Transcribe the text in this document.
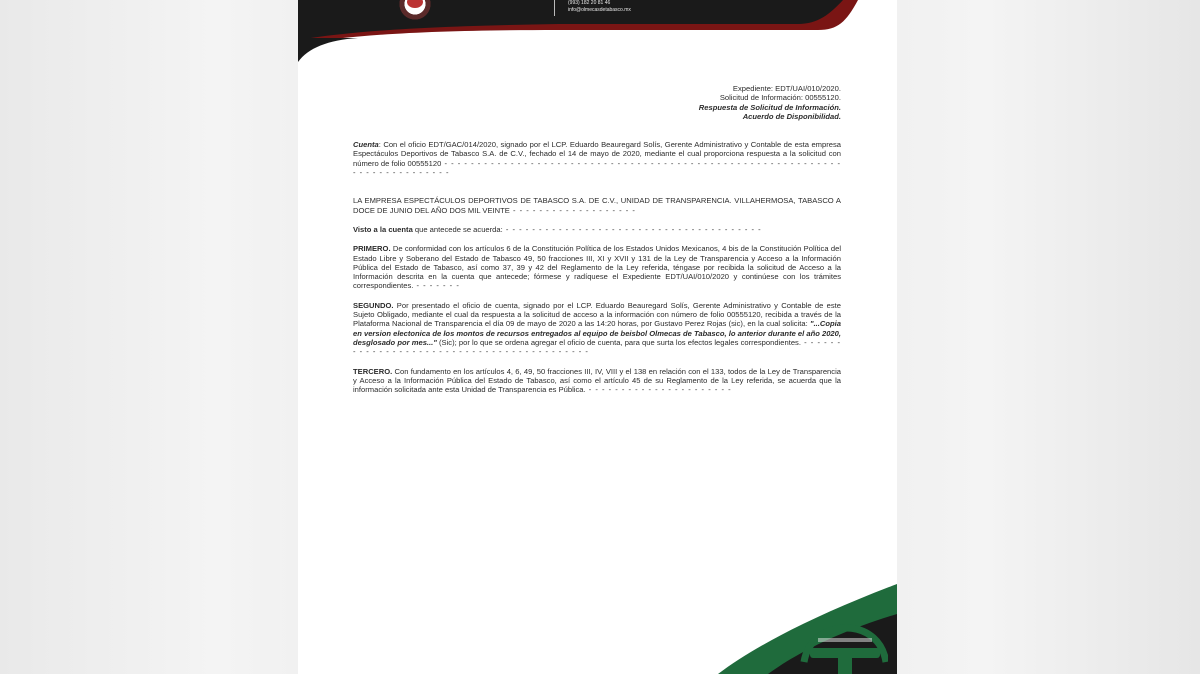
(993) 182 20 81 46
info@olmecasdetabasco.mx
Expediente: EDT/UAI/010/2020.
Solicitud de Información: 00555120.
Respuesta de Solicitud de Información.
Acuerdo de Disponibilidad.

Cuenta: Con el oficio EDT/GAC/014/2020, signado por el LCP. Eduardo Beauregard Solís, Gerente Administrativo y Contable de esta empresa Espectáculos Deportivos de Tabasco S.A. de C.V., fechado el 14 de mayo de 2020, mediante el cual proporciona respuesta a la solicitud con número de folio 00555120 - - - - - - - - - - - - - - - - - - - - - - - - - - - - - - - - - - - - - - - - - - - - - - - - - - - - - - - - - - - - - - - - - - - - - - - - - - -

LA EMPRESA ESPECTÁCULOS DEPORTIVOS DE TABASCO S.A. DE C.V., UNIDAD DE TRANSPARENCIA. VILLAHERMOSA, TABASCO A DOCE DE JUNIO DEL AÑO DOS MIL VEINTE - - - - - - - - - - - - - - - - - - -

Visto a la cuenta que antecede se acuerda: - - - - - - - - - - - - - - - - - - - - - - - - - - - - - - - - - - - - - - -

PRIMERO. De conformidad con los artículos 6 de la Constitución Política de los Estados Unidos Mexicanos, 4 bis de la Constitución Política del Estado Libre y Soberano del Estado de Tabasco 49, 50 fracciones III, XI y XVII y 131 de la Ley de Transparencia y Acceso a la Información Pública del Estado de Tabasco, así como 37, 39 y 42 del Reglamento de la Ley referida, téngase por recibida la solicitud de Acceso a la Información descrita en la cuenta que antecede; fórmese y radíquese el Expediente EDT/UAI/010/2020 y continúese con los trámites correspondientes. - - - - - - -

SEGUNDO. Por presentado el oficio de cuenta, signado por el LCP. Eduardo Beauregard Solís, Gerente Administrativo y Contable de este Sujeto Obligado, mediante el cual da respuesta a la solicitud de acceso a la información con número de folio 00555120, recibida a través de la Plataforma Nacional de Transparencia el día 09 de mayo de 2020 a las 14:20 horas, por Gustavo Perez Rojas (sic), en la cual solicita: "...Copia en version electonica de los montos de recursos entregados al equipo de beisbol Olmecas de Tabasco, lo anterior durante el año 2020, desglosado por mes..." (Sic); por lo que se ordena agregar el oficio de cuenta, para que surta los efectos legales correspondientes. - - - - - - - - - - - - - - - - - - - - - - - - - - - - - - - - - - - - - - - - - -

TERCERO. Con fundamento en los artículos 4, 6, 49, 50 fracciones III, IV, VIII y el 138 en relación con el 133, todos de la Ley de Transparencia y Acceso a la Información Pública del Estado de Tabasco, así como el artículo 45 de su Reglamento de la Ley referida, se acuerda que la información solicitada ante esta Unidad de Transparencia es Pública. - - - - - - - - - - - - - - - - - - - - - -
